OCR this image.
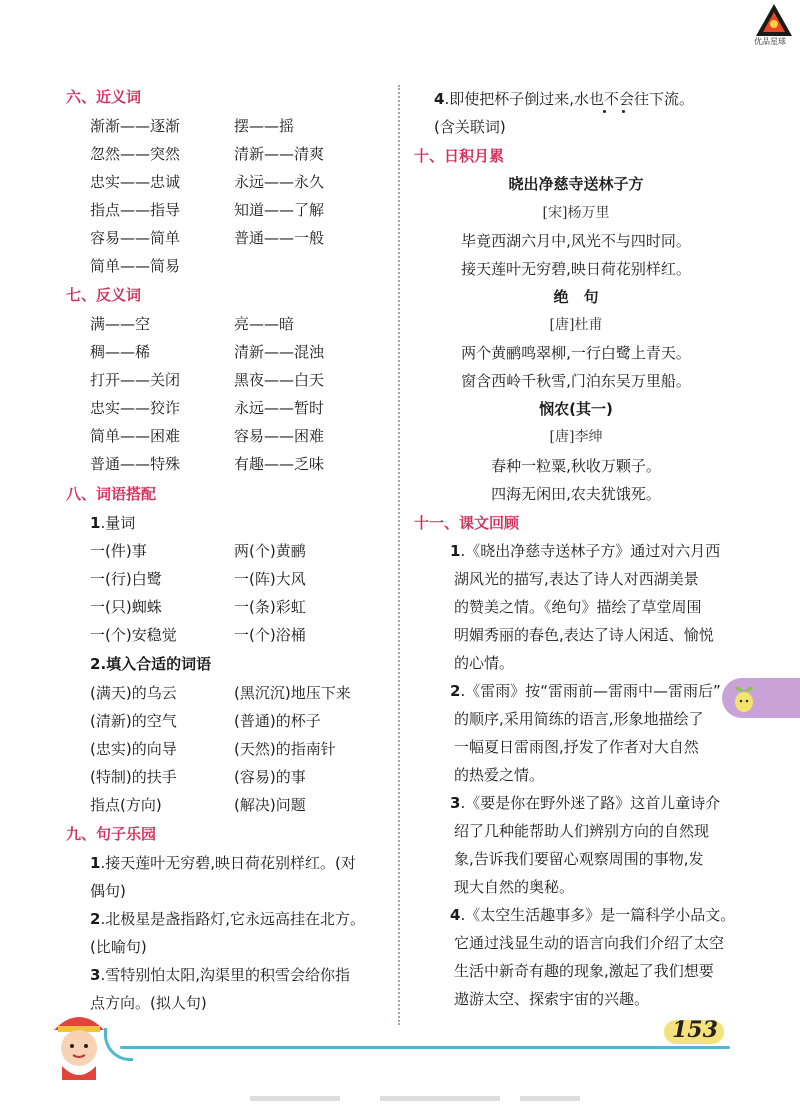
优品星球
六、近义词
渐渐——逐渐	摆——摇
忽然——突然	清新——清爽
忠实——忠诚	永远——永久
指点——指导	知道——了解
容易——简单	普通——一般
简单——简易
七、反义词
满——空	亮——暗
稠——稀	清新——混浊
打开——关闭	黑夜——白天
忠实——狡诈	永远——暂时
简单——困难	容易——困难
普通——特殊	有趣——乏味
八、词语搭配
1.量词
一(件)事	两(个)黄鹂
一(行)白鹭	一(阵)大风
一(只)蜘蛛	一(条)彩虹
一(个)安稳觉	一(个)浴桶
2.填入合适的词语
(满天)的乌云	(黑沉沉)地压下来
(清新)的空气	(普通)的杯子
(忠实)的向导	(天然)的指南针
(特制)的扶手	(容易)的事
指点(方向)	(解决)问题
九、句子乐园
1.接天莲叶无穷碧,映日荷花别样红。(对
偶句)
2.北极星是盏指路灯,它永远高挂在北方。
(比喻句)
3.雪特别怕太阳,沟渠里的积雪会给你指
点方向。(拟人句)
4.即使把杯子倒过来,水也不会往下流。
(含关联词)
十、日积月累
晓出净慈寺送林子方
[宋]杨万里
毕竟西湖六月中,风光不与四时同。
接天莲叶无穷碧,映日荷花别样红。
绝　句
[唐]杜甫
两个黄鹂鸣翠柳,一行白鹭上青天。
窗含西岭千秋雪,门泊东吴万里船。
悯农(其一)
[唐]李绅
春种一粒粟,秋收万颗子。
四海无闲田,农夫犹饿死。
十一、课文回顾
1.《晓出净慈寺送林子方》通过对六月西
湖风光的描写,表达了诗人对西湖美景
的赞美之情。《绝句》描绘了草堂周围
明媚秀丽的春色,表达了诗人闲适、愉悦
的心情。
2.《雷雨》按“雷雨前—雷雨中—雷雨后”
的顺序,采用简练的语言,形象地描绘了
一幅夏日雷雨图,抒发了作者对大自然
的热爱之情。
3.《要是你在野外迷了路》这首儿童诗介
绍了几种能帮助人们辨别方向的自然现
象,告诉我们要留心观察周围的事物,发
现大自然的奥秘。
4.《太空生活趣事多》是一篇科学小品文。
它通过浅显生动的语言向我们介绍了太空
生活中新奇有趣的现象,激起了我们想要
遨游太空、探索宇宙的兴趣。
153
